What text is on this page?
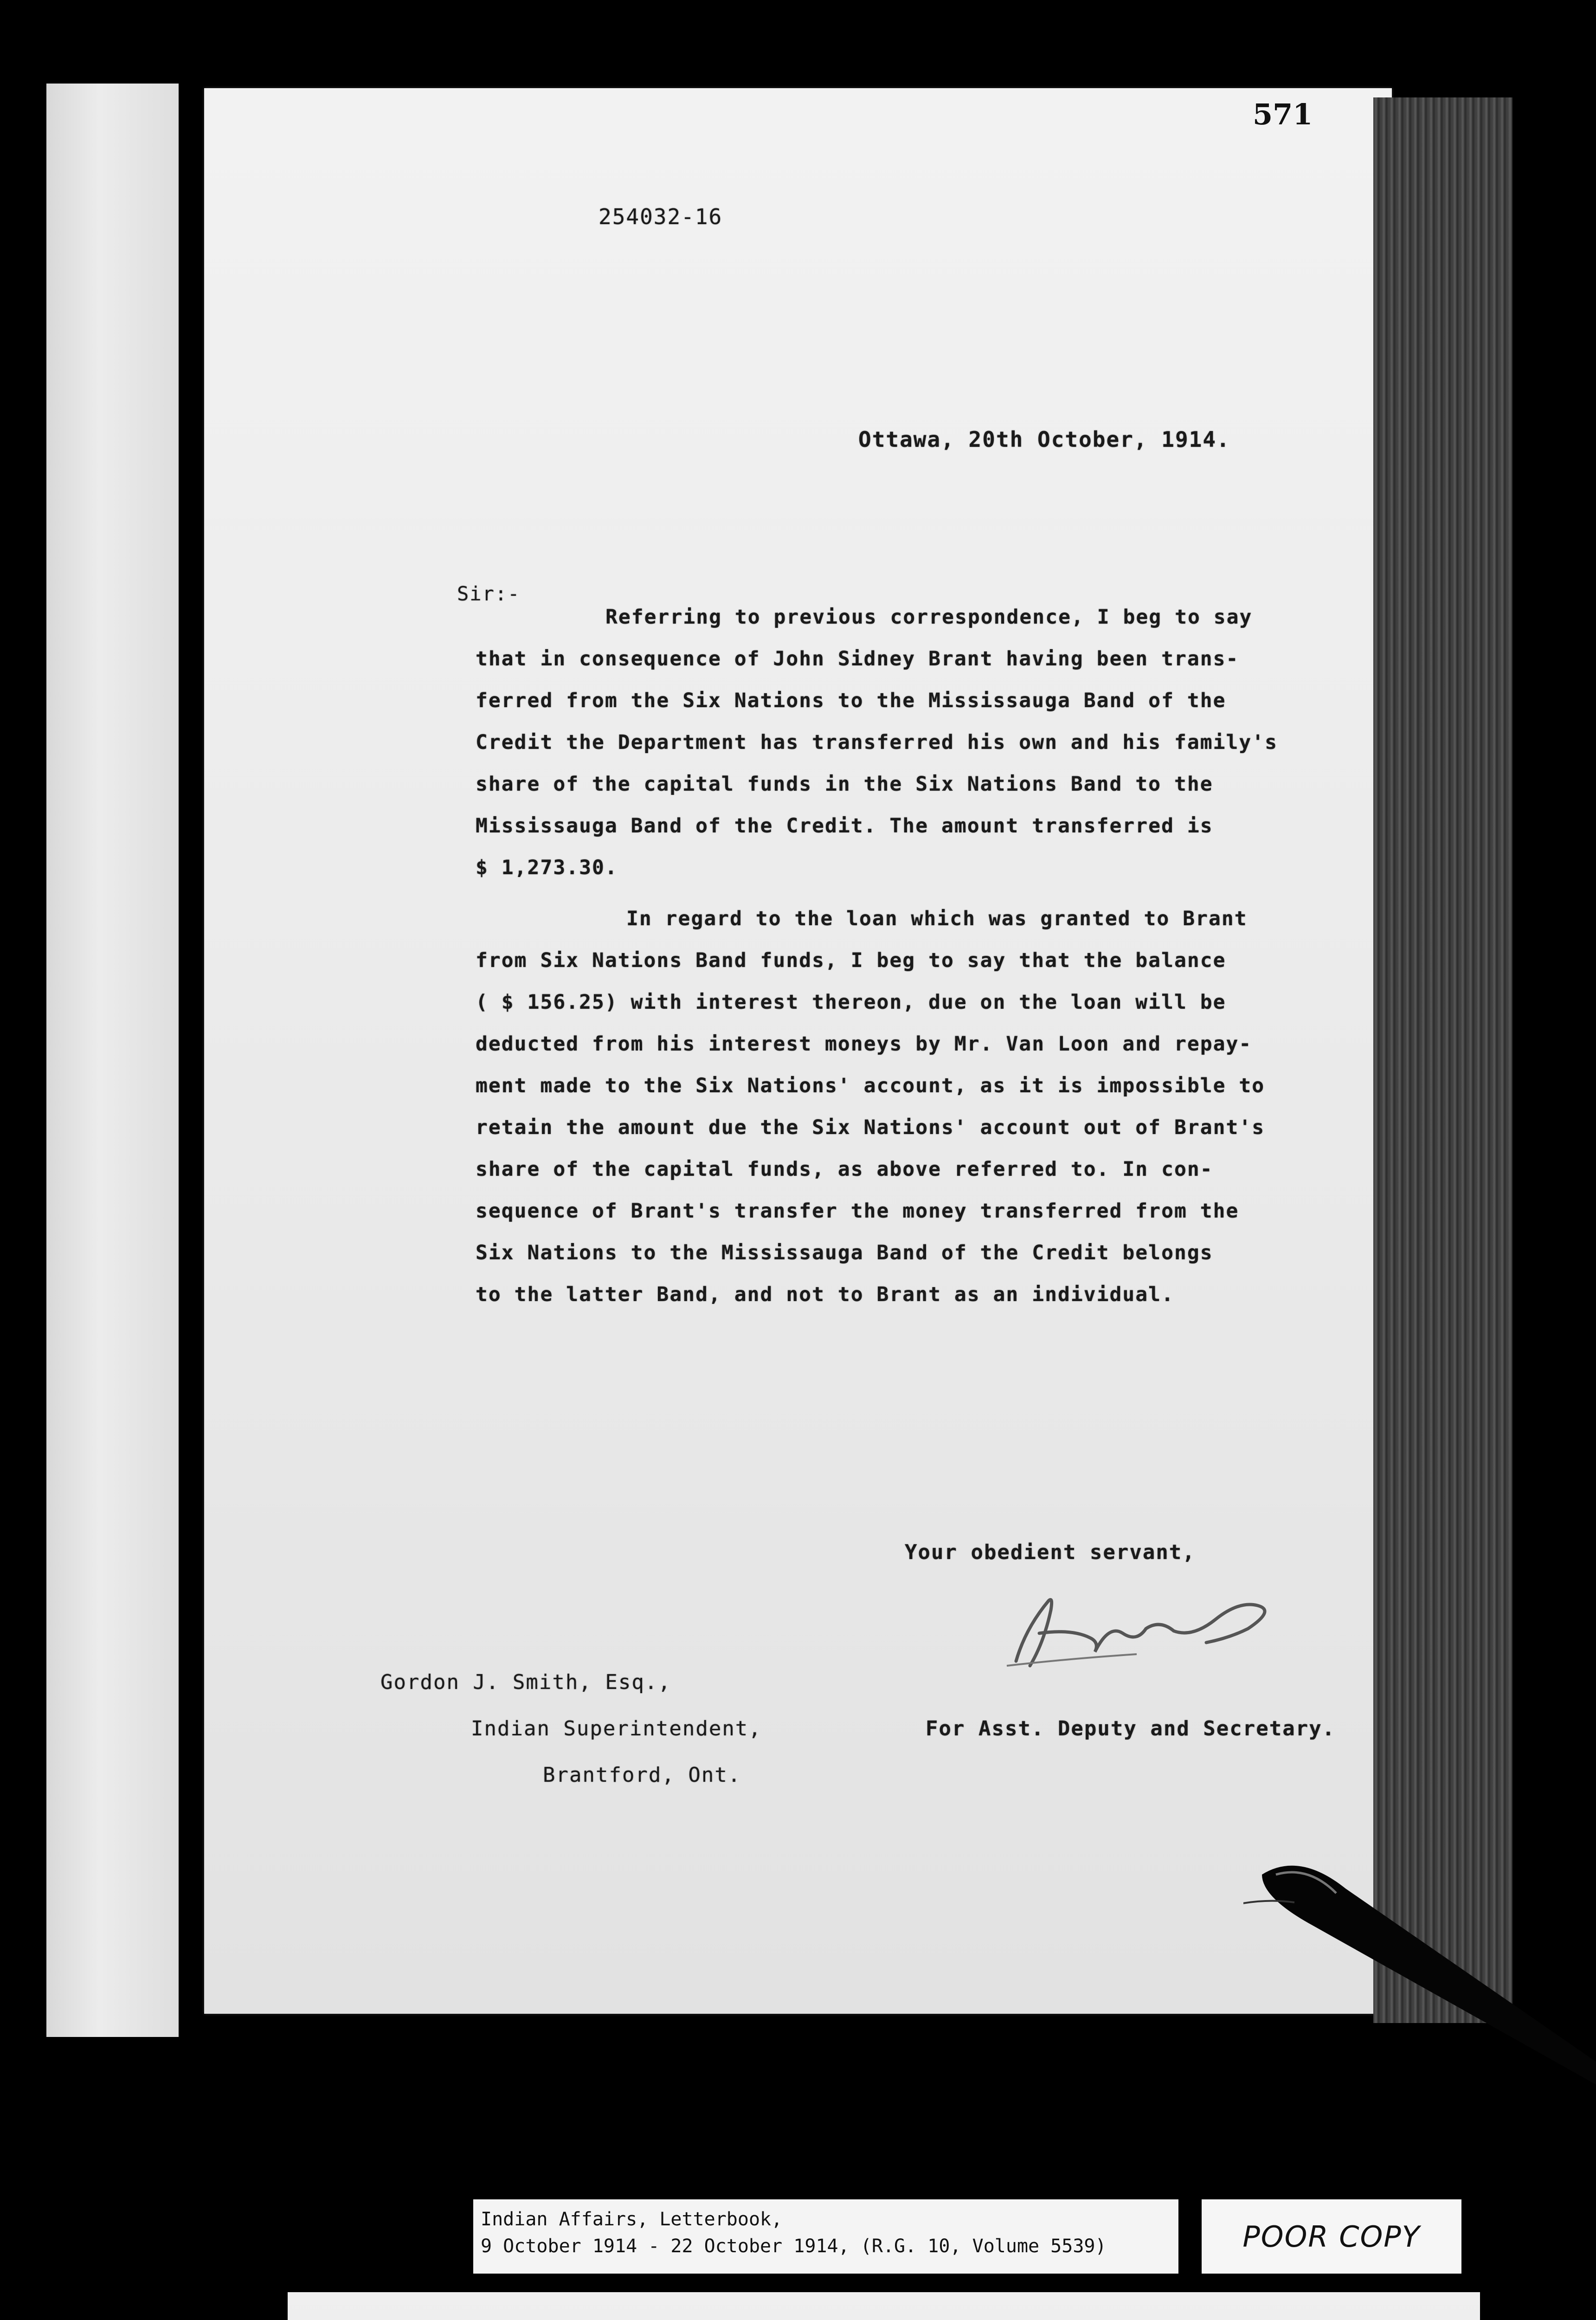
571
254032-16
Ottawa, 20th October, 1914.
Sir:-
Referring to previous correspondence, I beg to say
that in consequence of John Sidney Brant having been trans-
ferred from the Six Nations to the Mississauga Band of the
Credit the Department has transferred his own and his family's
share of the capital funds in the Six Nations Band to the
Mississauga Band of the Credit. The amount transferred is
$ 1,273.30.
In regard to the loan which was granted to Brant
from Six Nations Band funds, I beg to say that the balance
( $ 156.25) with interest thereon, due on the loan will be
deducted from his interest moneys by Mr. Van Loon and repay-
ment made to the Six Nations' account, as it is impossible to
retain the amount due the Six Nations' account out of Brant's
share of the capital funds, as above referred to. In con-
sequence of Brant's transfer the money transferred from the
Six Nations to the Mississauga Band of the Credit belongs
to the latter Band, and not to Brant as an individual.
Your obedient servant,
For Asst. Deputy and Secretary.
Gordon J. Smith, Esq.,
Indian Superintendent,
Brantford, Ont.
Indian Affairs, Letterbook,
9 October 1914 - 22 October 1914, (R.G. 10, Volume 5539)	POOR COPY
